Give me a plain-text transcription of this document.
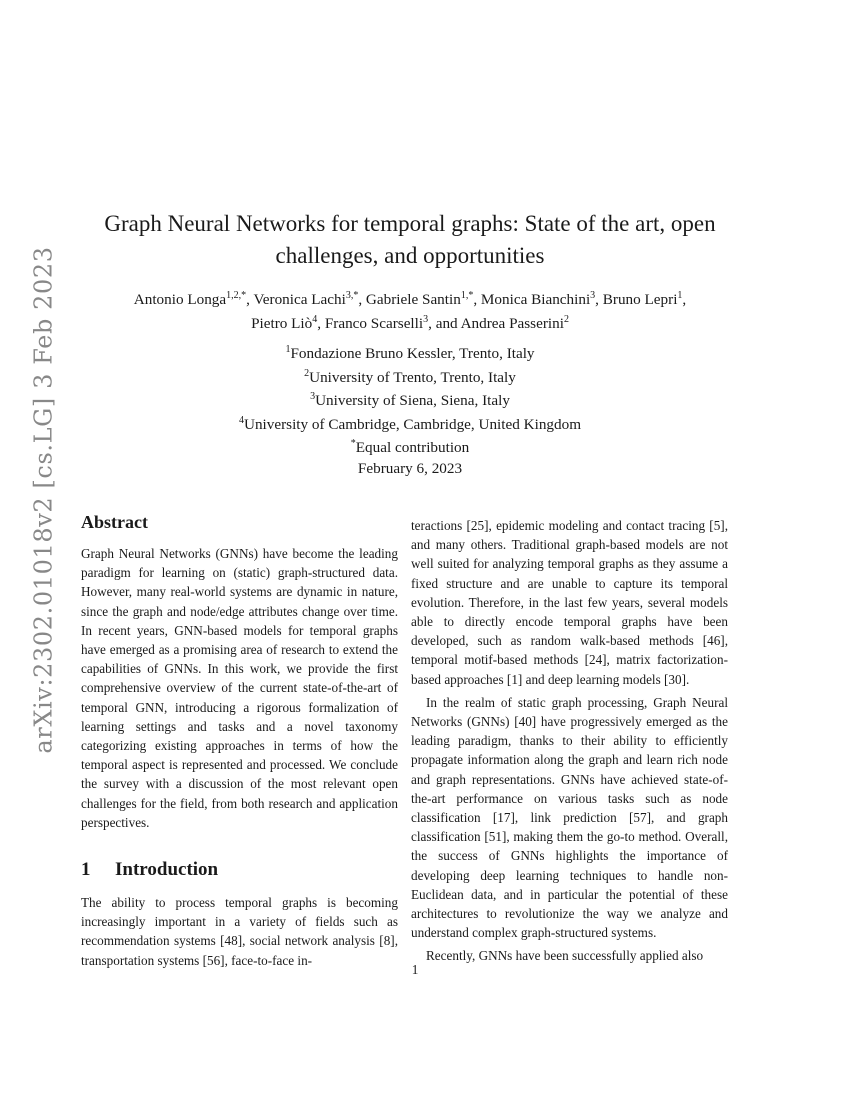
arXiv:2302.01018v2 [cs.LG] 3 Feb 2023
Graph Neural Networks for temporal graphs: State of the art, open
challenges, and opportunities
Antonio Longa$^{1,2,*}$, Veronica Lachi$^{3,*}$, Gabriele Santin$^{1,*}$, Monica Bianchini$^3$, Bruno Lepri$^1$,
Pietro Liò$^4$, Franco Scarselli$^3$, and Andrea Passerini$^2$
$^1$Fondazione Bruno Kessler, Trento, Italy
$^2$University of Trento, Trento, Italy
$^3$University of Siena, Siena, Italy
$^4$University of Cambridge, Cambridge, United Kingdom
*Equal contribution
February 6, 2023
Abstract

Graph Neural Networks (GNNs) have become the leading paradigm for learning on (static) graph-structured data. However, many real-world systems are dynamic in nature, since the graph and node/edge attributes change over time. In recent years, GNN-based models for temporal graphs have emerged as a promising area of research to extend the capabilities of GNNs. In this work, we provide the first comprehensive overview of the current state-of-the-art of temporal GNN, introducing a rigorous formalization of learning settings and tasks and a novel taxonomy categorizing existing approaches in terms of how the temporal aspect is represented and processed. We conclude the survey with a discussion of the most relevant open challenges for the field, from both research and application perspectives.

1 Introduction

The ability to process temporal graphs is becoming increasingly important in a variety of fields such as recommendation systems [48], social network analysis [8], transportation systems [56], face-to-face in-

teractions [25], epidemic modeling and contact tracing [5], and many others. Traditional graph-based models are not well suited for analyzing temporal graphs as they assume a fixed structure and are unable to capture its temporal evolution. Therefore, in the last few years, several models able to directly encode temporal graphs have been developed, such as random walk-based methods [46], temporal motif-based methods [24], matrix factorization-based approaches [1] and deep learning models [30].

In the realm of static graph processing, Graph Neural Networks (GNNs) [40] have progressively emerged as the leading paradigm, thanks to their ability to efficiently propagate information along the graph and learn rich node and graph representations. GNNs have achieved state-of-the-art performance on various tasks such as node classification [17], link prediction [57], and graph classification [51], making them the go-to method. Overall, the success of GNNs highlights the importance of developing deep learning techniques to handle non-Euclidean data, and in particular the potential of these architectures to revolutionize the way we analyze and understand complex graph-structured systems.

Recently, GNNs have been successfully applied also

1
